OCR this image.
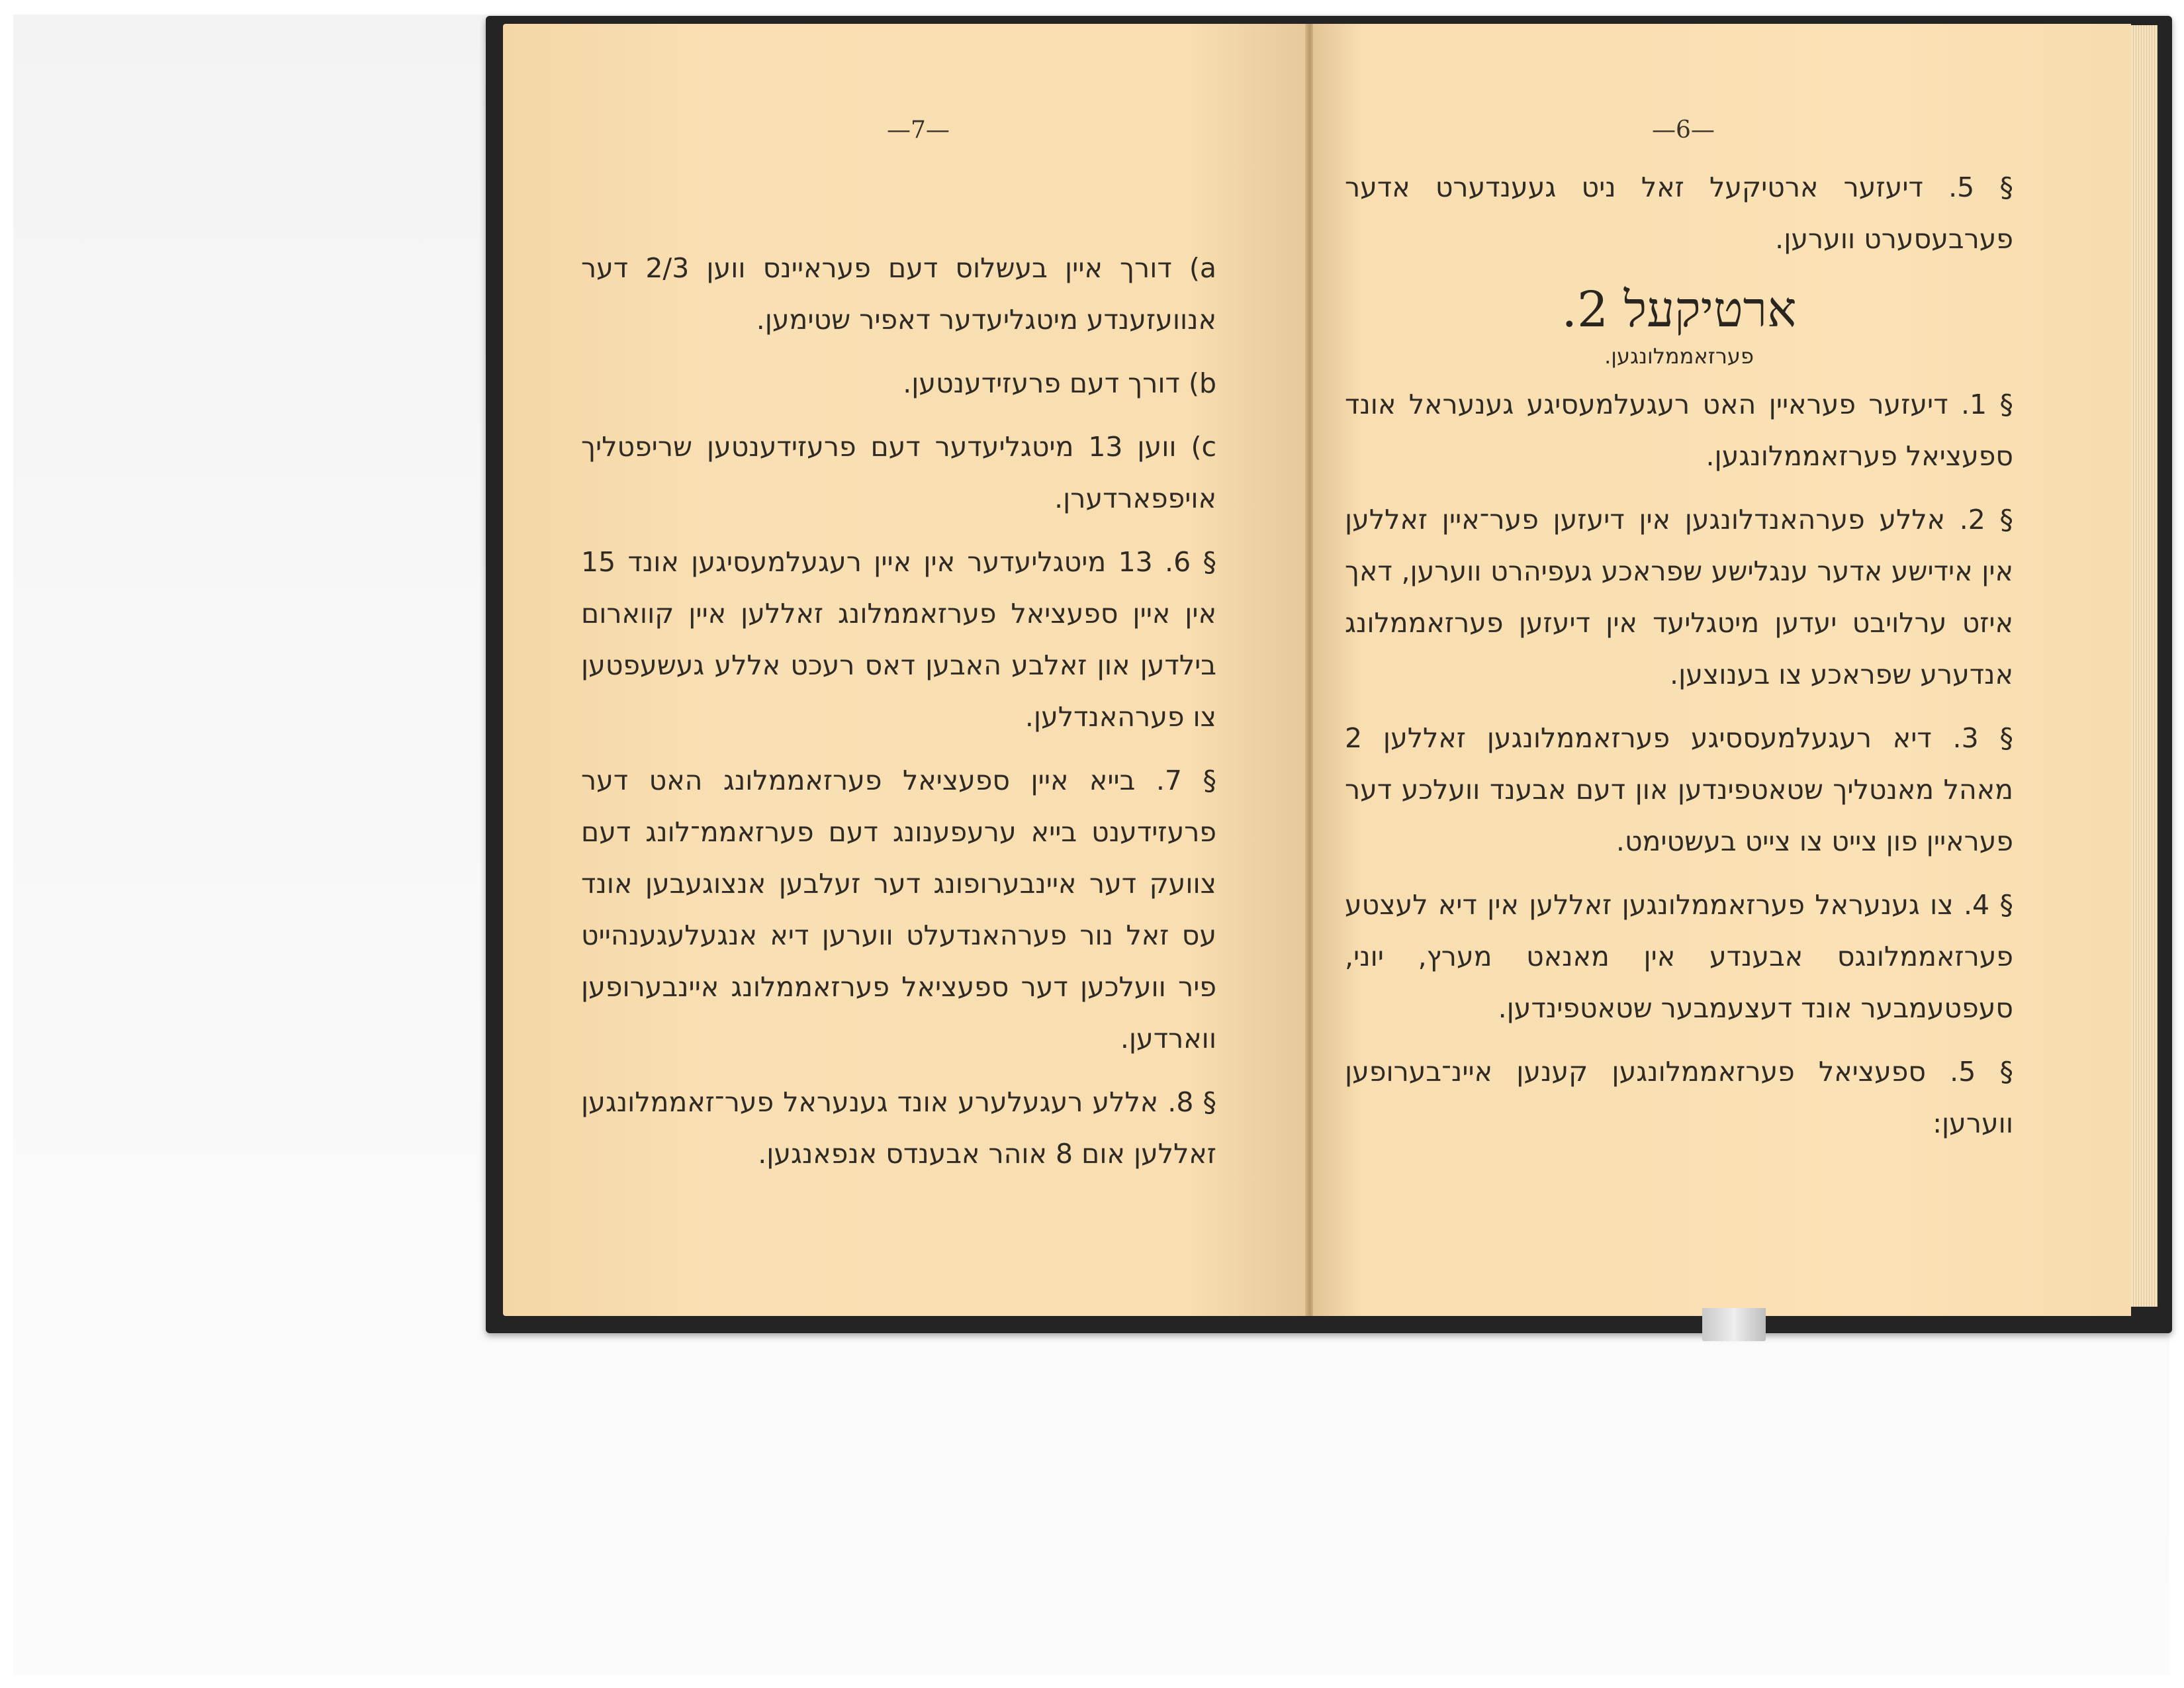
—7—

a) דורך איין בעשלוס דעם פעראיינס ווען 2/3 דער אנוועזענדע מיטגליעדער דאפיר שטימען.

b) דורך דעם פרעזידענטען.

c) ווען 13 מיטגליעדער דעם פרעזידענטען שריפטליך אויפפארדערן.

§ 6. 13 מיטגליעדער אין איין רעגעלמעסיגען אונד 15 אין איין ספעציאל פערזאממלונג זאללען איין קווארום בילדען און זאלבע האבען דאס רעכט אללע געשעפטען צו פערהאנדלען.

§ 7. בייא איין ספעציאל פערזאממלונג האט דער פרעזידענט בייא ערעפענונג דעם פערזאממ־לונג דעם צוועק דער איינבערופונג דער זעלבען אנצוגעבען אונד עס זאל נור פערהאנדעלט ווערען דיא אנגעלעגענהייט פיר וועלכען דער ספעציאל פערזאממלונג איינבערופען ווארדען.

§ 8. אללע רעגעלערע אונד גענעראל פער־זאממלונגען זאללען אום 8 אוהר אבענדס אנפאנגען.

—6—

§ 5. דיעזער ארטיקעל זאל ניט געענדערט אדער פערבעסערט ווערען.

ארטיקעל 2.
פערזאממלונגען.

§ 1. דיעזער פעראיין האט רעגעלמעסיגע גענעראל אונד ספעציאל פערזאממלונגען.

§ 2. אללע פערהאנדלונגען אין דיעזען פער־איין זאללען אין אידישע אדער ענגלישע שפראכע געפיהרט ווערען, דאך איזט ערלויבט יעדען מיטגליעד אין דיעזען פערזאממלונג אנדערע שפראכע צו בענוצען.

§ 3. דיא רעגעלמעססיגע פערזאממלונגען זאללען 2 מאהל מאנטליך שטאטפינדען און דעם אבענד וועלכע דער פעראיין פון צייט צו צייט בעשטימט.

§ 4. צו גענעראל פערזאממלונגען זאללען אין דיא לעצטע פערזאממלונגס אבענדע אין מאנאט מערץ, יוני, סעפטעמבער אונד דעצעמבער שטאטפינדען.

§ 5. ספעציאל פערזאממלונגען קענען איינ־בערופען ווערען:
